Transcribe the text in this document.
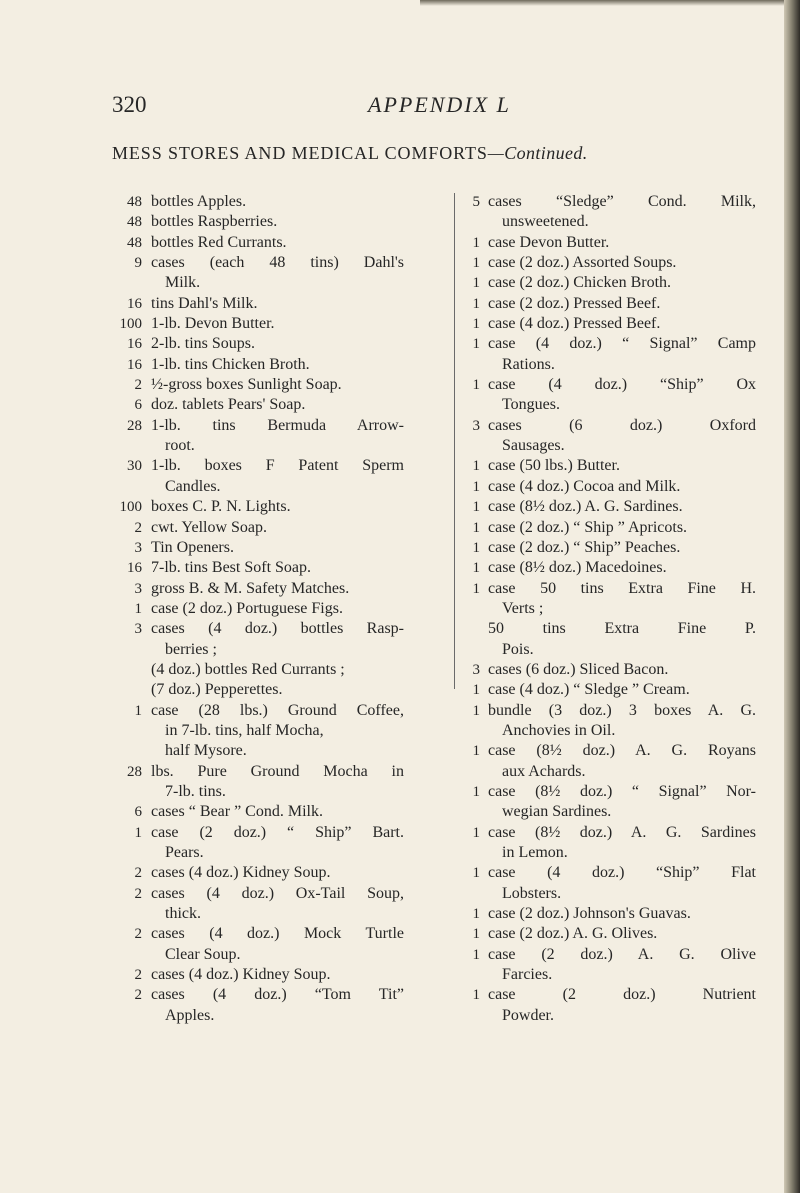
320	APPENDIX L
MESS STORES AND MEDICAL COMFORTS—Continued.
48 bottles Apples.
48 bottles Raspberries.
48 bottles Red Currants.
9 cases (each 48 tins) Dahl's
Milk.
16 tins Dahl's Milk.
100 1-lb. Devon Butter.
16 2-lb. tins Soups.
16 1-lb. tins Chicken Broth.
2 ½-gross boxes Sunlight Soap.
6 doz. tablets Pears' Soap.
28 1-lb. tins Bermuda Arrow-
root.
30 1-lb. boxes F Patent Sperm
Candles.
100 boxes C. P. N. Lights.
2 cwt. Yellow Soap.
3 Tin Openers.
16 7-lb. tins Best Soft Soap.
3 gross B. & M. Safety Matches.
1 case (2 doz.) Portuguese Figs.
3 cases (4 doz.) bottles Rasp-
berries ;
(4 doz.) bottles Red Currants ;
(7 doz.) Pepperettes.
1 case (28 lbs.) Ground Coffee,
in 7-lb. tins, half Mocha,
half Mysore.
28 lbs. Pure Ground Mocha in
7-lb. tins.
6 cases “ Bear ” Cond. Milk.
1 case (2 doz.) “ Ship” Bart.
Pears.
2 cases (4 doz.) Kidney Soup.
2 cases (4 doz.) Ox-Tail Soup,
thick.
2 cases (4 doz.) Mock Turtle
Clear Soup.
2 cases (4 doz.) Kidney Soup.
2 cases (4 doz.) “Tom Tit”
Apples.
5 cases “Sledge” Cond. Milk,
unsweetened.
1 case Devon Butter.
1 case (2 doz.) Assorted Soups.
1 case (2 doz.) Chicken Broth.
1 case (2 doz.) Pressed Beef.
1 case (4 doz.) Pressed Beef.
1 case (4 doz.) “ Signal” Camp
Rations.
1 case (4 doz.) “Ship” Ox
Tongues.
3 cases (6 doz.) Oxford
Sausages.
1 case (50 lbs.) Butter.
1 case (4 doz.) Cocoa and Milk.
1 case (8½ doz.) A. G. Sardines.
1 case (2 doz.) “ Ship ” Apricots.
1 case (2 doz.) “ Ship” Peaches.
1 case (8½ doz.) Macedoines.
1 case 50 tins Extra Fine H.
Verts ;
50 tins Extra Fine P.
Pois.
3 cases (6 doz.) Sliced Bacon.
1 case (4 doz.) “ Sledge ” Cream.
1 bundle (3 doz.) 3 boxes A. G.
Anchovies in Oil.
1 case (8½ doz.) A. G. Royans
aux Achards.
1 case (8½ doz.) “ Signal” Nor-
wegian Sardines.
1 case (8½ doz.) A. G. Sardines
in Lemon.
1 case (4 doz.) “Ship” Flat
Lobsters.
1 case (2 doz.) Johnson's Guavas.
1 case (2 doz.) A. G. Olives.
1 case (2 doz.) A. G. Olive
Farcies.
1 case (2 doz.) Nutrient
Powder.
